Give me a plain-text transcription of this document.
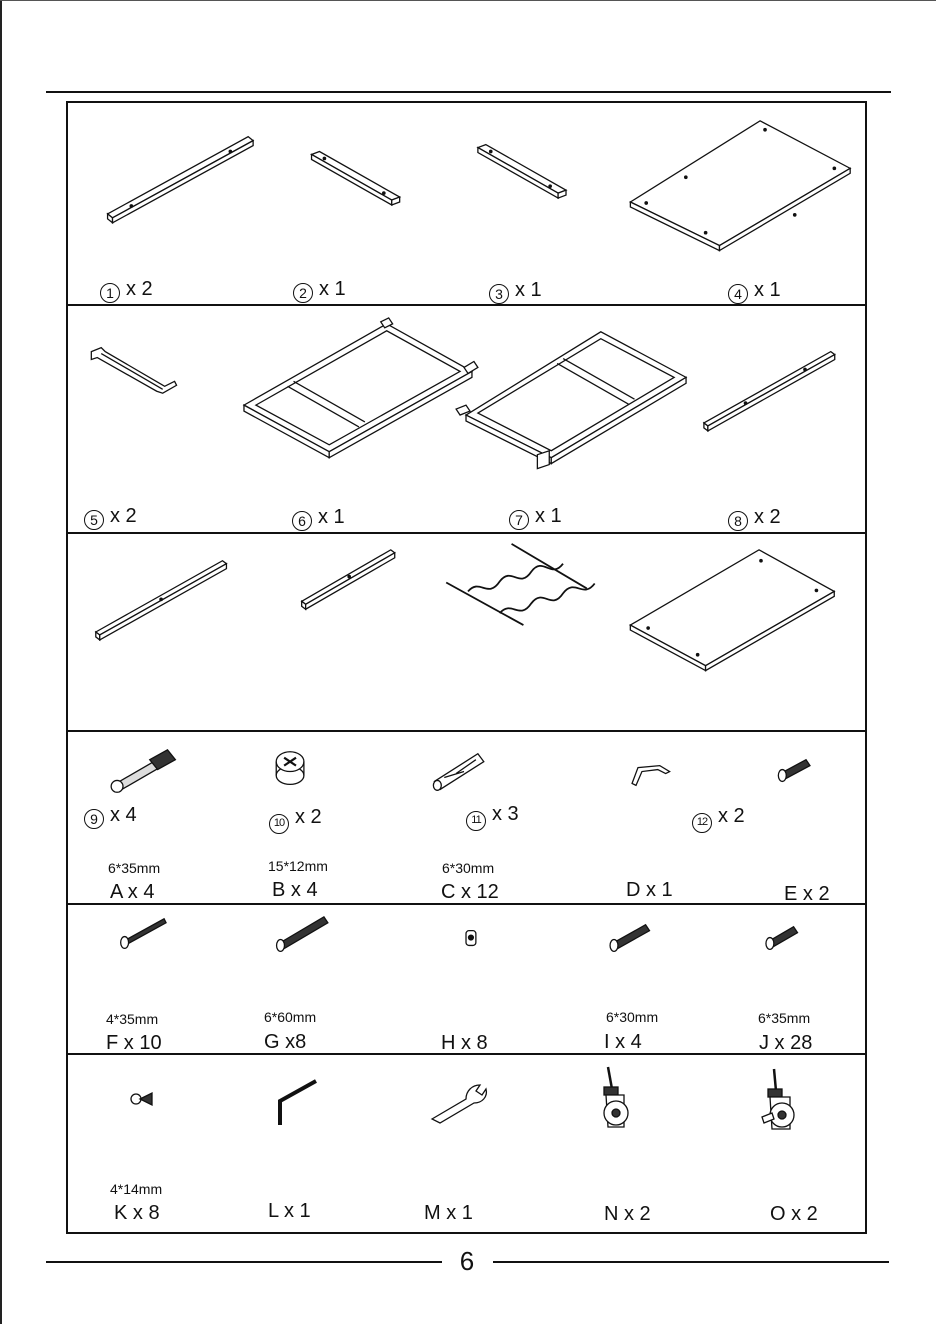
1 x 2	2 x 1	3 x 1	4 x 1
5 x 2	6 x 1	7 x 1	8 x 2
9 x 4	10 x 2	11 x 3	12 x 2
6*35mm
A x 4
15*12mm
B x 4
6*30mm
C x 12	D x 1	E x 2
4*35mm
F x 10
6*60mm
G x8	H x 8
6*30mm
I x 4
6*35mm
J x 28
4*14mm
K x 8	L x 1	M x 1	N x 2	O x 2
6
